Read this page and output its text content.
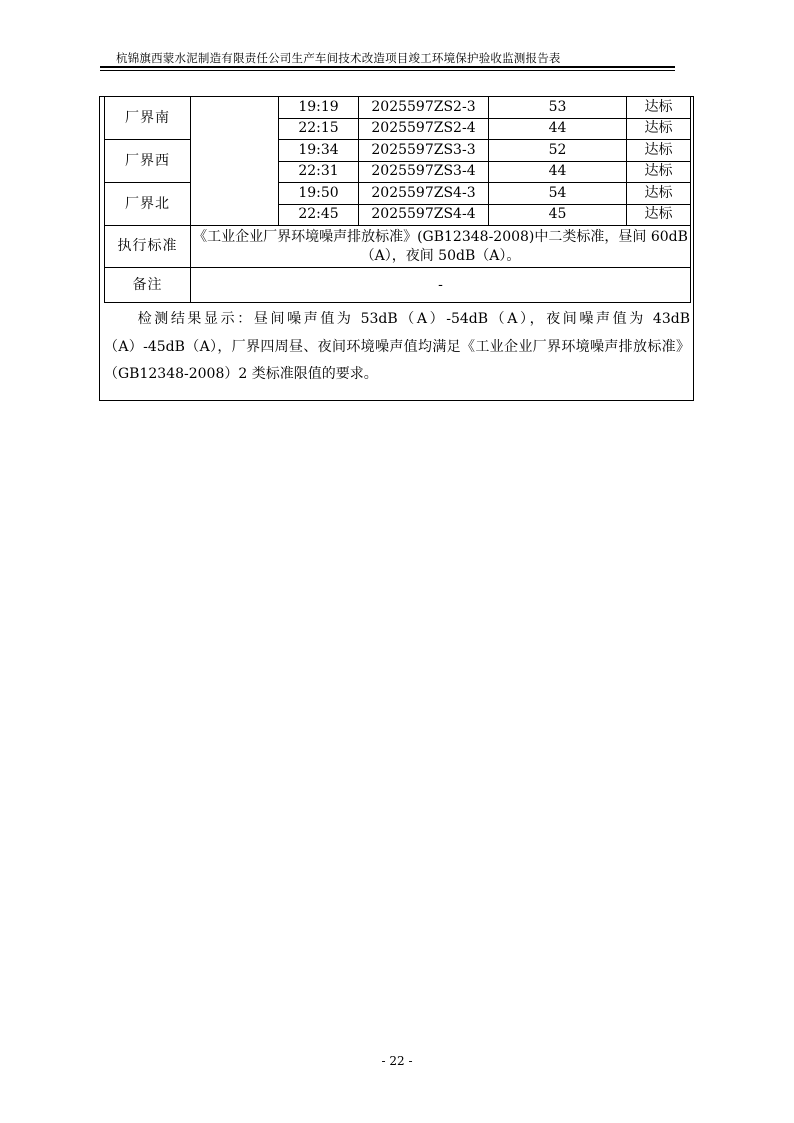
杭锦旗西蒙水泥制造有限责任公司生产车间技术改造项目竣工环境保护验收监测报告表
厂界南		19:19	2025597ZS2-3	53	达标
		22:15	2025597ZS2-4	44	达标
厂界西		19:34	2025597ZS3-3	52	达标
		22:31	2025597ZS3-4	44	达标
厂界北		19:50	2025597ZS4-3	54	达标
		22:45	2025597ZS4-4	45	达标
执行标准	《工业企业厂界环境噪声排放标准》(GB12348-2008)中二类标准，昼间 60dB（A），夜间 50dB（A）。				
备注	-				
检测结果显示：昼间噪声值为 53dB（A）-54dB（A），夜间噪声值为 43dB（A）-45dB（A），厂界四周昼、夜间环境噪声值均满足《工业企业厂界环境噪声排放标准》（GB12348-2008）2 类标准限值的要求。
- 22 -
